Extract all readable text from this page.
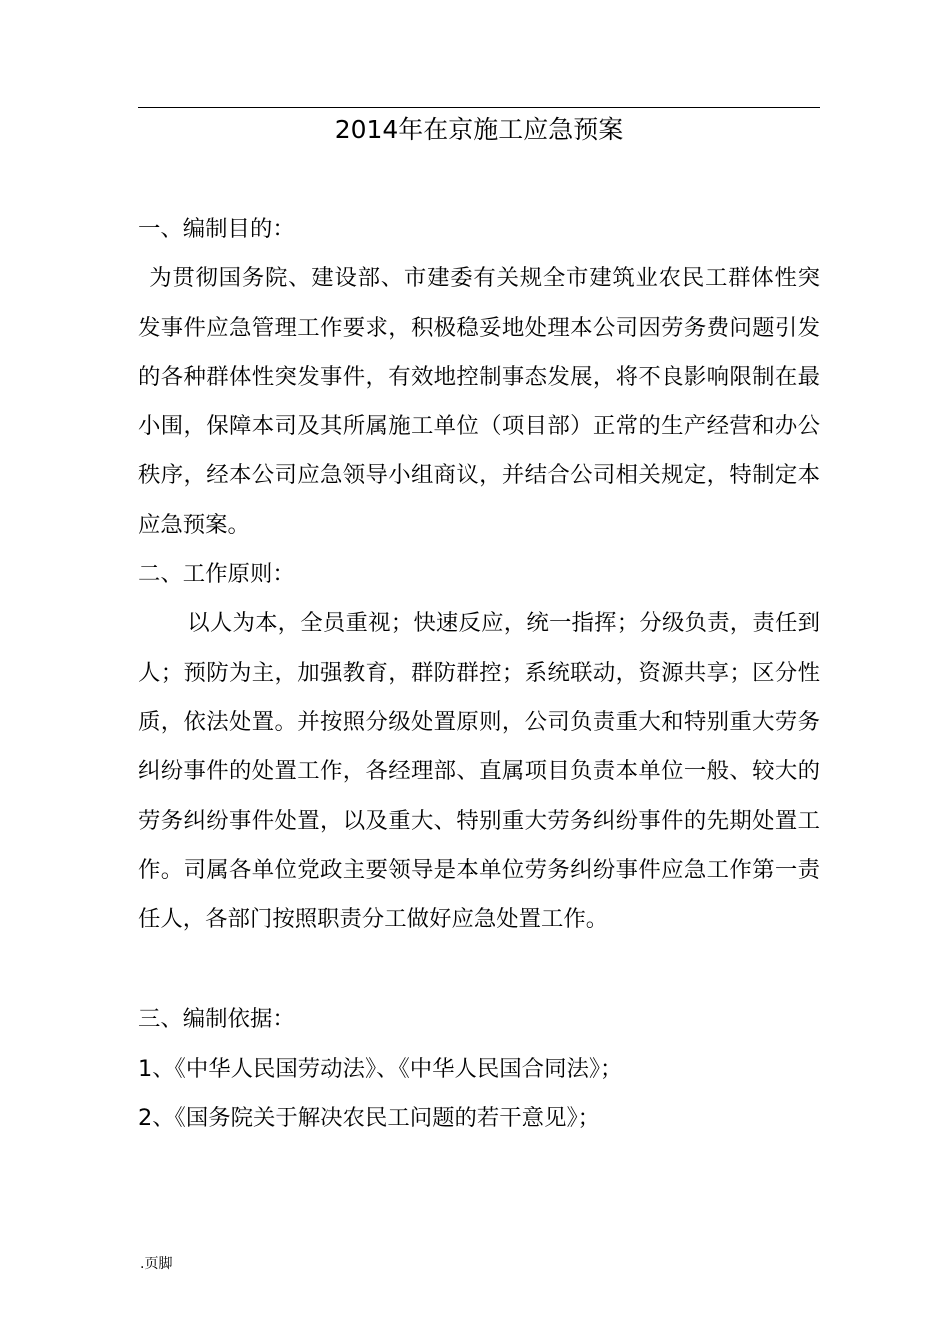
2014年在京施工应急预案

一、编制目的：

为贯彻国务院、建设部、市建委有关规全市建筑业农民工群体性突发事件应急管理工作要求，积极稳妥地处理本公司因劳务费问题引发的各种群体性突发事件，有效地控制事态发展，将不良影响限制在最小围，保障本司及其所属施工单位（项目部）正常的生产经营和办公秩序，经本公司应急领导小组商议，并结合公司相关规定，特制定本应急预案。

二、工作原则：

以人为本，全员重视；快速反应，统一指挥；分级负责，责任到人；预防为主，加强教育，群防群控；系统联动，资源共享；区分性质，依法处置。并按照分级处置原则，公司负责重大和特别重大劳务纠纷事件的处置工作，各经理部、直属项目负责本单位一般、较大的劳务纠纷事件处置，以及重大、特别重大劳务纠纷事件的先期处置工作。司属各单位党政主要领导是本单位劳务纠纷事件应急工作第一责任人，各部门按照职责分工做好应急处置工作。

三、编制依据：

1、《中华人民国劳动法》、《中华人民国合同法》；

2、《国务院关于解决农民工问题的若干意见》；

.页脚
